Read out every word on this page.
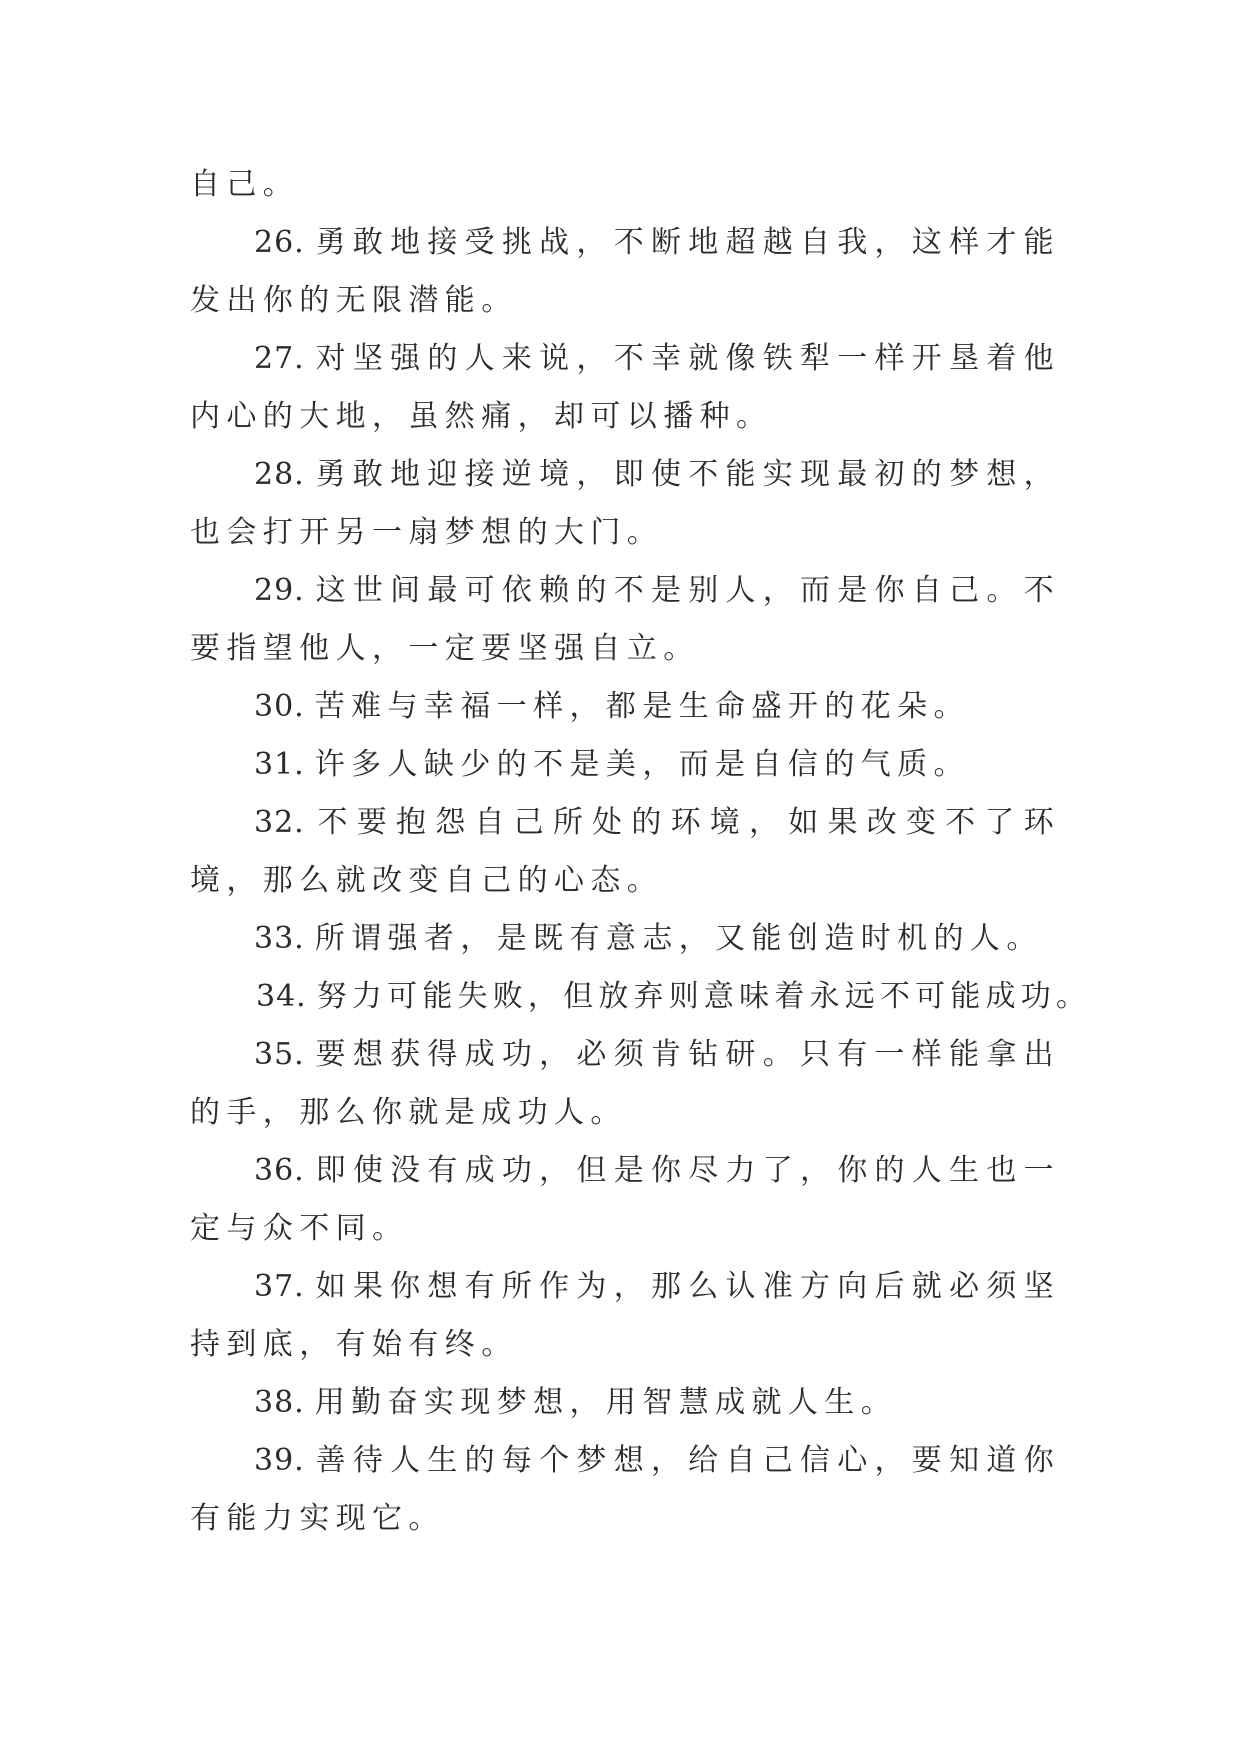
自己。

26. 勇敢地接受挑战，不断地超越自我，这样才能发出你的无限潜能。

27. 对坚强的人来说，不幸就像铁犁一样开垦着他内心的大地，虽然痛，却可以播种。

28. 勇敢地迎接逆境，即使不能实现最初的梦想，也会打开另一扇梦想的大门。

29. 这世间最可依赖的不是别人，而是你自己。不要指望他人，一定要坚强自立。

30. 苦难与幸福一样，都是生命盛开的花朵。

31. 许多人缺少的不是美，而是自信的气质。

32. 不要抱怨自己所处的环境，如果改变不了环境，那么就改变自己的心态。

33. 所谓强者，是既有意志，又能创造时机的人。

34. 努力可能失败，但放弃则意味着永远不可能成功。

35. 要想获得成功，必须肯钻研。只有一样能拿出的手，那么你就是成功人。

36. 即使没有成功，但是你尽力了，你的人生也一定与众不同。

37. 如果你想有所作为，那么认准方向后就必须坚持到底，有始有终。

38. 用勤奋实现梦想，用智慧成就人生。

39. 善待人生的每个梦想，给自己信心，要知道你有能力实现它。
